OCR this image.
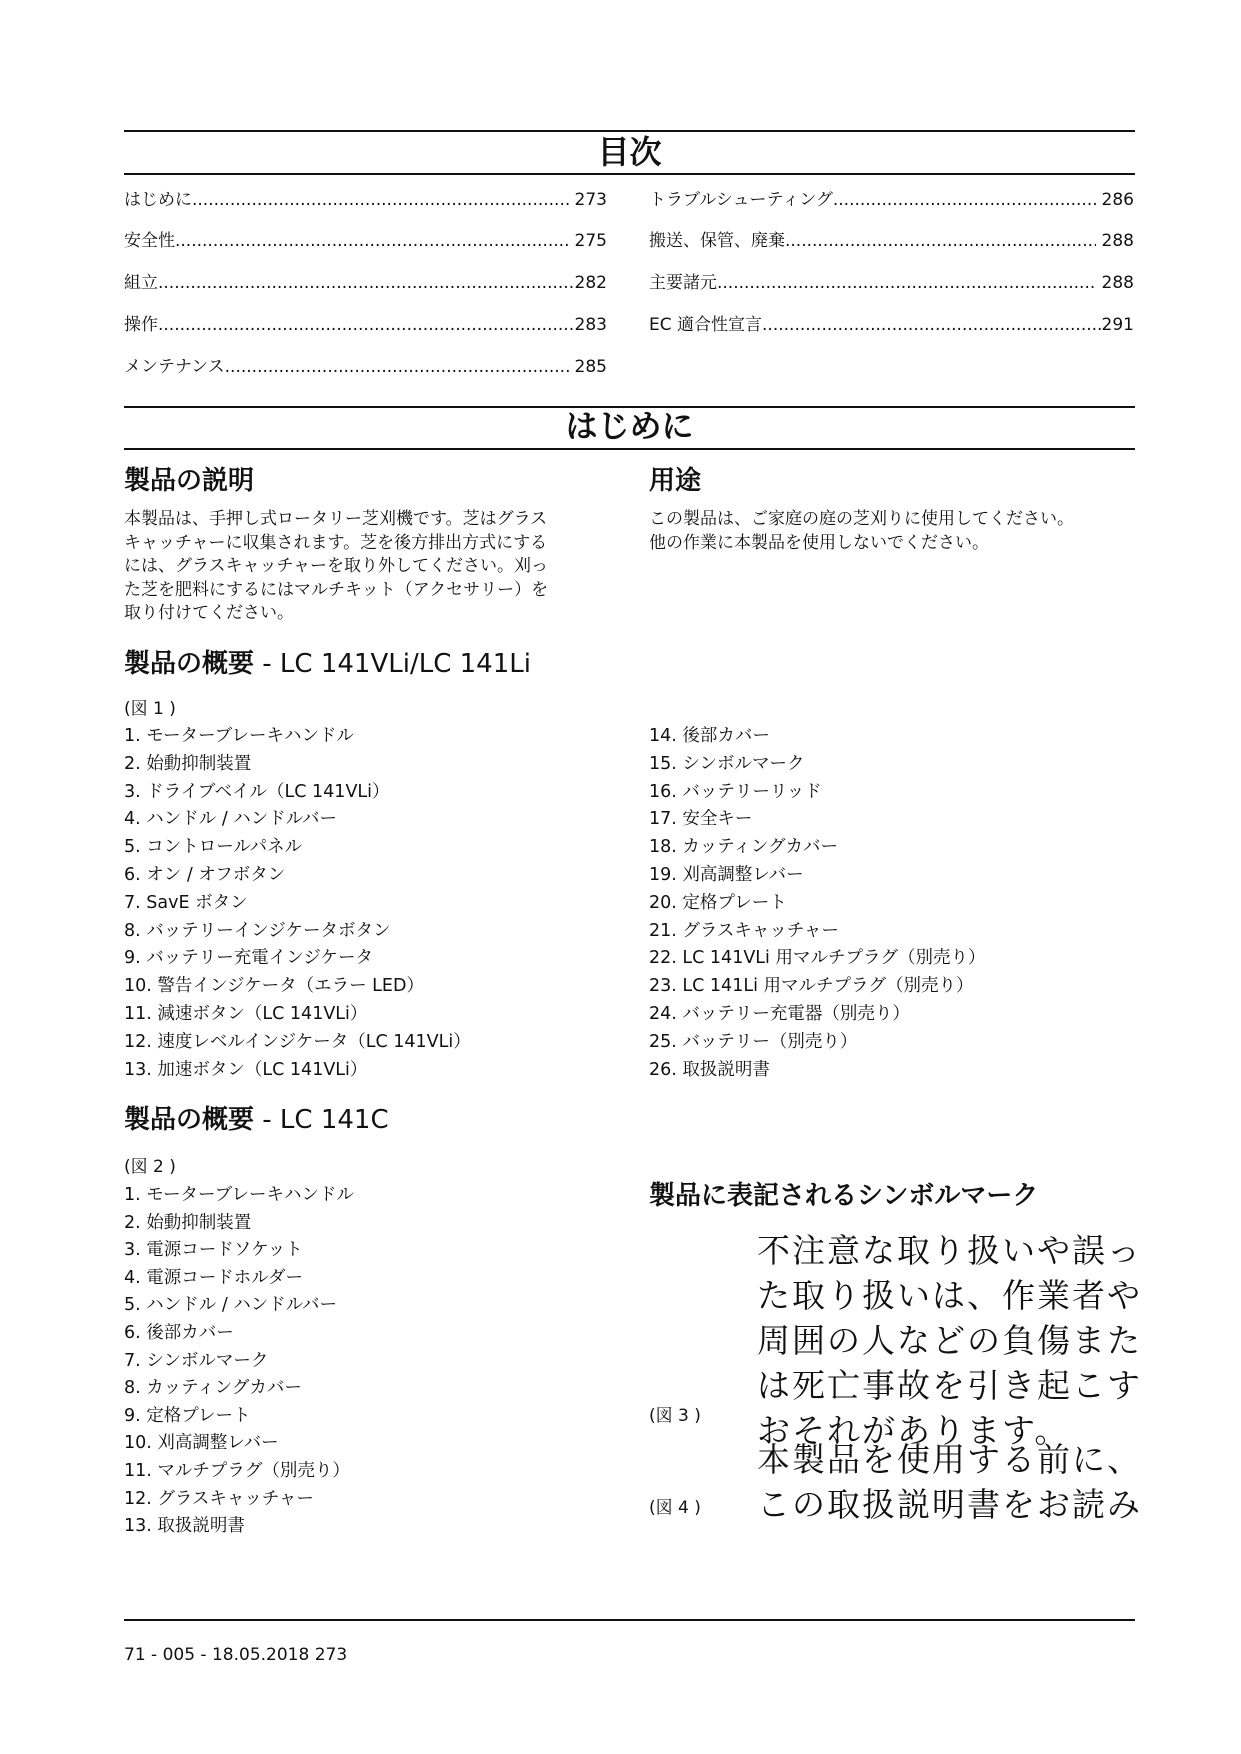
目次
はじめに .....	273
安全性 .....	275
組立 .....	282
操作 .....	283
メンテナンス .....	285
トラブルシューティング .....	286
搬送、保管、廃棄 .....	288
主要諸元 .....	288
EC 適合性宣言 .....	291
はじめに
製品の説明
本製品は、手押し式ロータリー芝刈機です。芝はグラス
キャッチャーに収集されます。芝を後方排出方式にする
には、グラスキャッチャーを取り外してください。刈っ
た芝を肥料にするにはマルチキット（アクセサリー）を
取り付けてください。
用途
この製品は、ご家庭の庭の芝刈りに使用してください。
他の作業に本製品を使用しないでください。
製品の概要 - LC 141VLi/LC 141Li
(図 1 )
1. モーターブレーキハンドル
2. 始動抑制装置
3. ドライブベイル（LC 141VLi）
4. ハンドル / ハンドルバー
5. コントロールパネル
6. オン / オフボタン
7. SavE ボタン
8. バッテリーインジケータボタン
9. バッテリー充電インジケータ
10. 警告インジケータ（エラー LED）
11. 減速ボタン（LC 141VLi）
12. 速度レベルインジケータ（LC 141VLi）
13. 加速ボタン（LC 141VLi）
14. 後部カバー
15. シンボルマーク
16. バッテリーリッド
17. 安全キー
18. カッティングカバー
19. 刈高調整レバー
20. 定格プレート
21. グラスキャッチャー
22. LC 141VLi 用マルチプラグ（別売り）
23. LC 141Li 用マルチプラグ（別売り）
24. バッテリー充電器（別売り）
25. バッテリー（別売り）
26. 取扱説明書
製品の概要 - LC 141C
(図 2 )
1. モーターブレーキハンドル
2. 始動抑制装置
3. 電源コードソケット
4. 電源コードホルダー
5. ハンドル / ハンドルバー
6. 後部カバー
7. シンボルマーク
8. カッティングカバー
9. 定格プレート
10. 刈高調整レバー
11. マルチプラグ（別売り）
12. グラスキャッチャー
13. 取扱説明書
製品に表記されるシンボルマーク
不注意な取り扱いや誤っ
た取り扱いは、作業者や
周囲の人などの負傷また
は死亡事故を引き起こす
おそれがあります。
(図 3 )
本製品を使用する前に、
この取扱説明書をお読み
(図 4 )
71 - 005 - 18.05.2018 273
